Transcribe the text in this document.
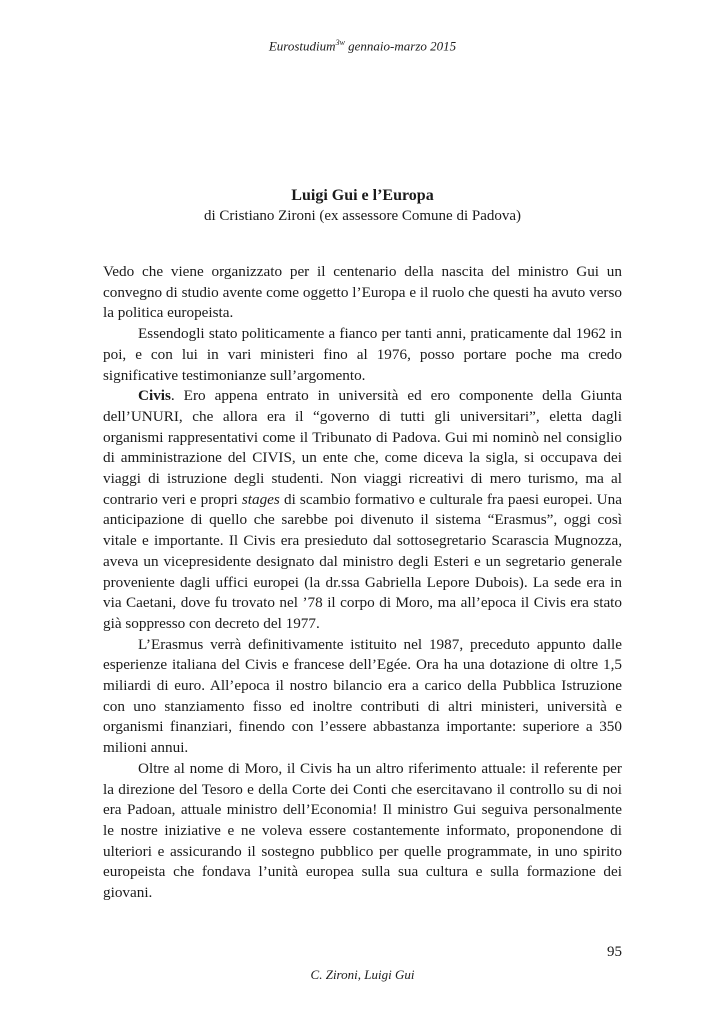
Eurostudium$^{3w}$ gennaio-marzo 2015
Luigi Gui e l’Europa
di Cristiano Zironi (ex assessore Comune di Padova)

Vedo che viene organizzato per il centenario della nascita del ministro Gui un convegno di studio avente come oggetto l’Europa e il ruolo che questi ha avuto verso la politica europeista.

Essendogli stato politicamente a fianco per tanti anni, praticamente dal 1962 in poi, e con lui in vari ministeri fino al 1976, posso portare poche ma credo significative testimonianze sull’argomento.

Civis. Ero appena entrato in università ed ero componente della Giunta dell’UNURI, che allora era il “governo di tutti gli universitari”, eletta dagli organismi rappresentativi come il Tribunato di Padova. Gui mi nominò nel consiglio di amministrazione del CIVIS, un ente che, come diceva la sigla, si occupava dei viaggi di istruzione degli studenti. Non viaggi ricreativi di mero turismo, ma al contrario veri e propri stages di scambio formativo e culturale fra paesi europei. Una anticipazione di quello che sarebbe poi divenuto il sistema “Erasmus”, oggi così vitale e importante. Il Civis era presieduto dal sottosegretario Scarascia Mugnozza, aveva un vicepresidente designato dal ministro degli Esteri e un segretario generale proveniente dagli uffici europei (la dr.ssa Gabriella Lepore Dubois). La sede era in via Caetani, dove fu trovato nel ’78 il corpo di Moro, ma all’epoca il Civis era stato già soppresso con decreto del 1977.

L’Erasmus verrà definitivamente istituito nel 1987, preceduto appunto dalle esperienze italiana del Civis e francese dell’Egée. Ora ha una dotazione di oltre 1,5 miliardi di euro. All’epoca il nostro bilancio era a carico della Pubblica Istruzione con uno stanziamento fisso ed inoltre contributi di altri ministeri, università e organismi finanziari, finendo con l’essere abbastanza importante: superiore a 350 milioni annui.

Oltre al nome di Moro, il Civis ha un altro riferimento attuale: il referente per la direzione del Tesoro e della Corte dei Conti che esercitavano il controllo su di noi era Padoan, attuale ministro dell’Economia! Il ministro Gui seguiva personalmente le nostre iniziative e ne voleva essere costantemente informato, proponendone di ulteriori e assicurando il sostegno pubblico per quelle programmate, in uno spirito europeista che fondava l’unità europea sulla sua cultura e sulla formazione dei giovani.

95
C. Zironi, Luigi Gui
